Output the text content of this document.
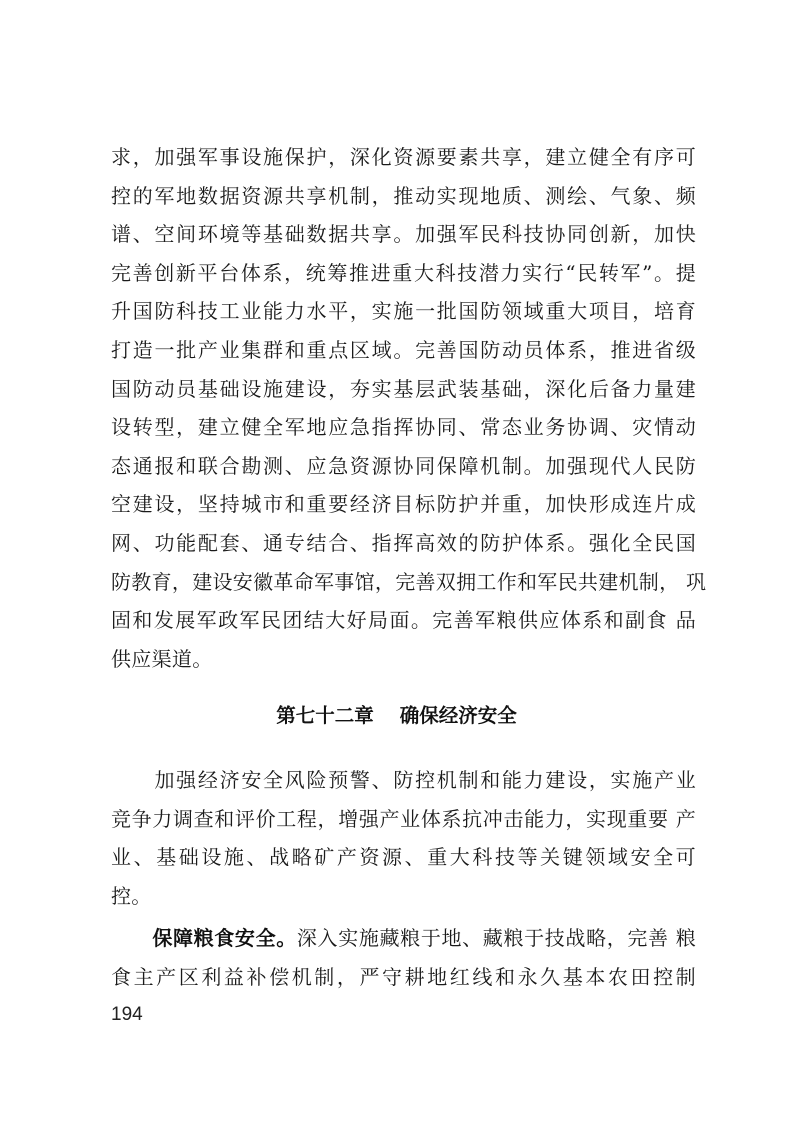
求，加强军事设施保护，深化资源要素共享，建立健全有序可
控的军地数据资源共享机制，推动实现地质、测绘、气象、频
谱、空间环境等基础数据共享。加强军民科技协同创新，加快
完善创新平台体系，统筹推进重大科技潜力实行“民转军”。提
升国防科技工业能力水平，实施一批国防领域重大项目，培育
打造一批产业集群和重点区域。完善国防动员体系，推进省级
国防动员基础设施建设，夯实基层武装基础，深化后备力量建
设转型，建立健全军地应急指挥协同、常态业务协调、灾情动
态通报和联合勘测、应急资源协同保障机制。加强现代人民防
空建设，坚持城市和重要经济目标防护并重，加快形成连片成
网、功能配套、通专结合、指挥高效的防护体系。强化全民国
防教育，建设安徽革命军事馆，完善双拥工作和军民共建机制， 巩
固和发展军政军民团结大好局面。完善军粮供应体系和副食 品
供应渠道。
第七十二章 确保经济安全
　　加强经济安全风险预警、防控机制和能力建设，实施产业
竞争力调查和评价工程，增强产业体系抗冲击能力，实现重要 产
业、基础设施、战略矿产资源、重大科技等关键领域安全可
控。
　　保障粮食安全。深入实施藏粮于地、藏粮于技战略，完善 粮
食主产区利益补偿机制，严守耕地红线和永久基本农田控制
194
